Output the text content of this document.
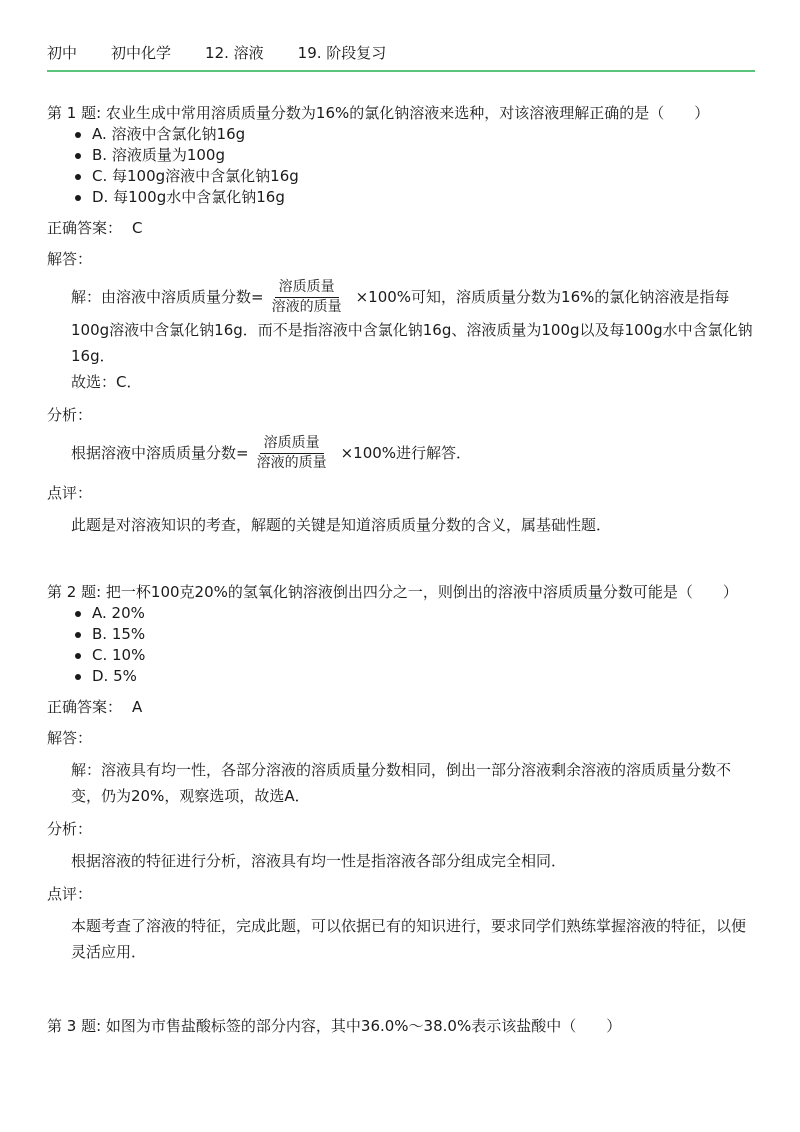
初中 初中化学 12. 溶液 19. 阶段复习
第 1 题: 农业生成中常用溶质质量分数为16%的氯化钠溶液来选种，对该溶液理解正确的是（　　）
A. 溶液中含氯化钠16g
B. 溶液质量为100g
C. 每100g溶液中含氯化钠16g
D. 每100g水中含氯化钠16g
正确答案： C
解答：
解：由溶液中溶质质量分数= $\frac{\text{溶质质量}}{\text{溶液的质量}} \times 100\%$可知，溶质质量分数为16%的氯化钠溶液是指每100g溶液中含氯化钠16g．而不是指溶液中含氯化钠16g、溶液质量为100g以及每100g水中含氯化钠16g．
故选：C．
分析：
根据溶液中溶质质量分数= $\frac{\text{溶质质量}}{\text{溶液的质量}} \times 100\%$进行解答．
点评：
此题是对溶液知识的考查，解题的关键是知道溶质质量分数的含义，属基础性题．
第 2 题: 把一杯100克20%的氢氧化钠溶液倒出四分之一，则倒出的溶液中溶质质量分数可能是（　　）
A. 20%
B. 15%
C. 10%
D. 5%
正确答案： A
解答：
解：溶液具有均一性，各部分溶液的溶质质量分数相同，倒出一部分溶液剩余溶液的溶质质量分数不变，仍为20%，观察选项，故选A．
分析：
根据溶液的特征进行分析，溶液具有均一性是指溶液各部分组成完全相同．
点评：
本题考查了溶液的特征，完成此题，可以依据已有的知识进行，要求同学们熟练掌握溶液的特征，以便灵活应用．
第 3 题: 如图为市售盐酸标签的部分内容，其中36.0%～38.0%表示该盐酸中（　　）
